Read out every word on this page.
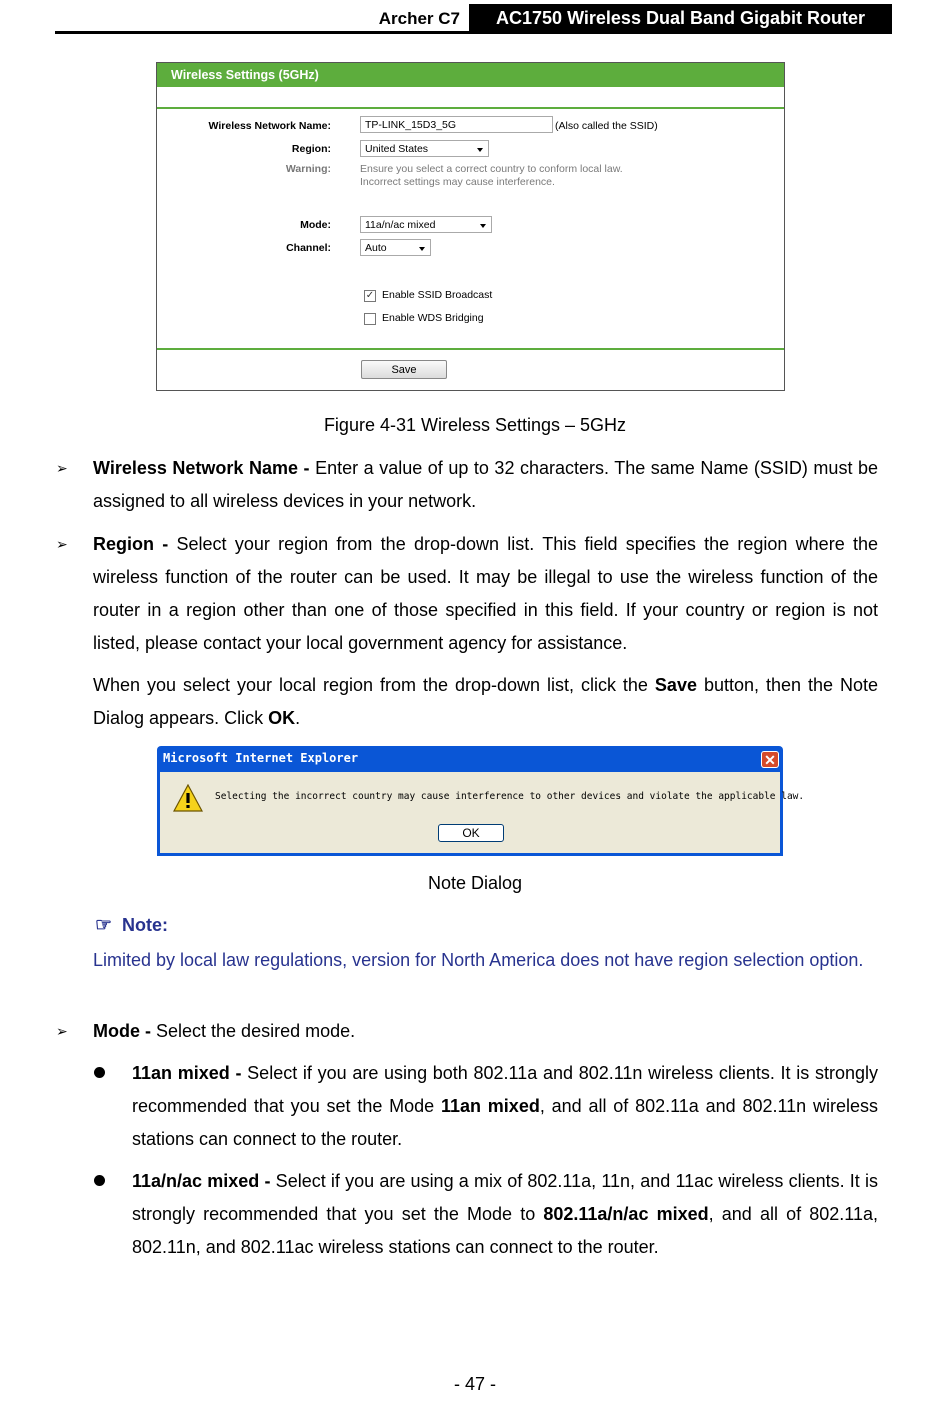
Archer C7	AC1750 Wireless Dual Band Gigabit Router
Wireless Settings (5GHz)
Wireless Network Name:	TP-LINK_15D3_5G	(Also called the SSID)
Region:	United States
Warning:	Ensure you select a correct country to conform local law.
Incorrect settings may cause interference.
Mode:	11a/n/ac mixed
Channel:	Auto
✓ Enable SSID Broadcast
Enable WDS Bridging
Save
Figure 4-31 Wireless Settings – 5GHz
➢ Wireless Network Name - Enter a value of up to 32 characters. The same Name (SSID) must be assigned to all wireless devices in your network.
➢ Region - Select your region from the drop-down list. This field specifies the region where the wireless function of the router can be used. It may be illegal to use the wireless function of the router in a region other than one of those specified in this field. If your country or region is not listed, please contact your local government agency for assistance.
When you select your local region from the drop-down list, click the Save button, then the Note Dialog appears. Click OK.
Microsoft Internet Explorer	✕
Selecting the incorrect country may cause interference to other devices and violate the applicable law.
OK
Note Dialog
☞ Note:
Limited by local law regulations, version for North America does not have region selection option.
➢ Mode - Select the desired mode.
11an mixed - Select if you are using both 802.11a and 802.11n wireless clients. It is strongly recommended that you set the Mode 11an mixed, and all of 802.11a and 802.11n wireless stations can connect to the router.
11a/n/ac mixed - Select if you are using a mix of 802.11a, 11n, and 11ac wireless clients. It is strongly recommended that you set the Mode to 802.11a/n/ac mixed, and all of 802.11a, 802.11n, and 802.11ac wireless stations can connect to the router.
- 47 -
